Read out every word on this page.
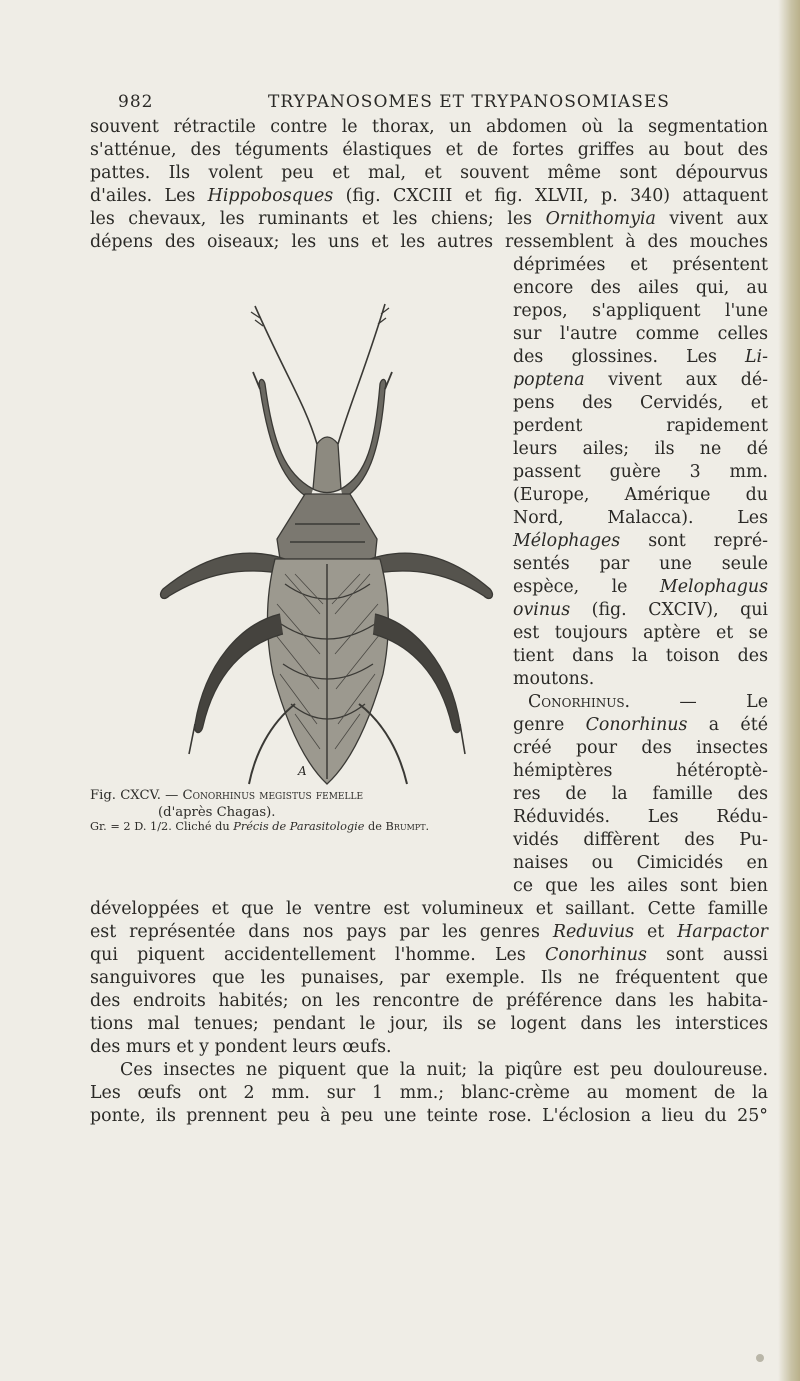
982	TRYPANOSOMES ET TRYPANOSOMIASES
souvent rétractile contre le thorax, un abdomen où la segmentation
s'atténue, des téguments élastiques et de fortes griffes au bout des
pattes. Ils volent peu et mal, et souvent même sont dépourvus
d'ailes. Les Hippobosques (fig. CXCIII et fig. XLVII, p. 340) attaquent
les chevaux, les ruminants et les chiens; les Ornithomyia vivent aux
dépens des oiseaux; les uns et les autres ressemblent à des mouches
déprimées et présentent
encore des ailes qui, au
repos, s'appliquent l'une
sur l'autre comme celles
des glossines. Les Li-
poptena vivent aux dé-
pens des Cervidés, et
perdent rapidement
leurs ailes; ils ne dé
passent guère 3 mm.
(Europe, Amérique du
Nord, Malacca). Les
Mélophages sont repré-
sentés par une seule
espèce, le Melophagus
ovinus (fig. CXCIV), qui
est toujours aptère et se
tient dans la toison des
moutons.
Conorhinus. — Le
genre Conorhinus a été
créé pour des insectes
hémiptères hétéroptè-
res de la famille des
Réduvidés. Les Rédu-
vidés diffèrent des Pu-
naises ou Cimicidés en
A
Fig. CXCV. — Conorhinus megistus femelle
(d'après Chagas).
Gr. = 2 D. 1/2. Cliché du Précis de Parasitologie de Brumpt.
ce que les ailes sont bien
développées et que le ventre est volumineux et saillant. Cette famille
est représentée dans nos pays par les genres Reduvius et Harpactor
qui piquent accidentellement l'homme. Les Conorhinus sont aussi
sanguivores que les punaises, par exemple. Ils ne fréquentent que
des endroits habités; on les rencontre de préférence dans les habita-
tions mal tenues; pendant le jour, ils se logent dans les interstices
des murs et y pondent leurs œufs.
Ces insectes ne piquent que la nuit; la piqûre est peu douloureuse.
Les œufs ont 2 mm. sur 1 mm.; blanc-crème au moment de la
ponte, ils prennent peu à peu une teinte rose. L'éclosion a lieu du 25°
